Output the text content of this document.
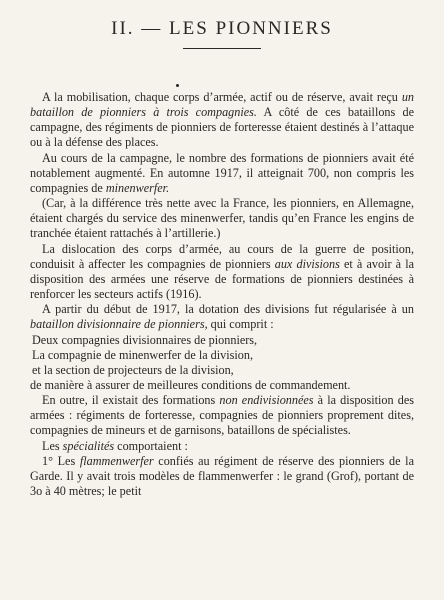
II. — LES PIONNIERS

A la mobilisation, chaque corps d’armée, actif ou de réserve, avait reçu un bataillon de pionniers à trois compagnies. A côté de ces bataillons de campagne, des régiments de pionniers de forteresse étaient destinés à l’attaque ou à la défense des places.

Au cours de la campagne, le nombre des formations de pionniers avait été notablement augmenté. En automne 1917, il atteignait 700, non compris les compagnies de minenwerfer.

(Car, à la différence très nette avec la France, les pionniers, en Allemagne, étaient chargés du service des minenwerfer, tandis qu’en France les engins de tranchée étaient rattachés à l’artillerie.)

La dislocation des corps d’armée, au cours de la guerre de position, conduisit à affecter les compagnies de pionniers aux divisions et à avoir à la disposition des armées une réserve de formations de pionniers destinées à renforcer les secteurs actifs (1916).

A partir du début de 1917, la dotation des divisions fut régularisée à un bataillon divisionnaire de pionniers, qui comprit :

Deux compagnies divisionnaires de pionniers,

La compagnie de minenwerfer de la division,

et la section de projecteurs de la division,

de manière à assurer de meilleures conditions de commandement.

En outre, il existait des formations non endivisionnées à la disposition des armées : régiments de forteresse, compagnies de pionniers proprement dites, compagnies de mineurs et de garnisons, bataillons de spécialistes.

Les spécialités comportaient :

1° Les flammenwerfer confiés au régiment de réserve des pionniers de la Garde. Il y avait trois modèles de flammenwerfer : le grand (Grof), portant de 3o à 40 mètres; le petit
